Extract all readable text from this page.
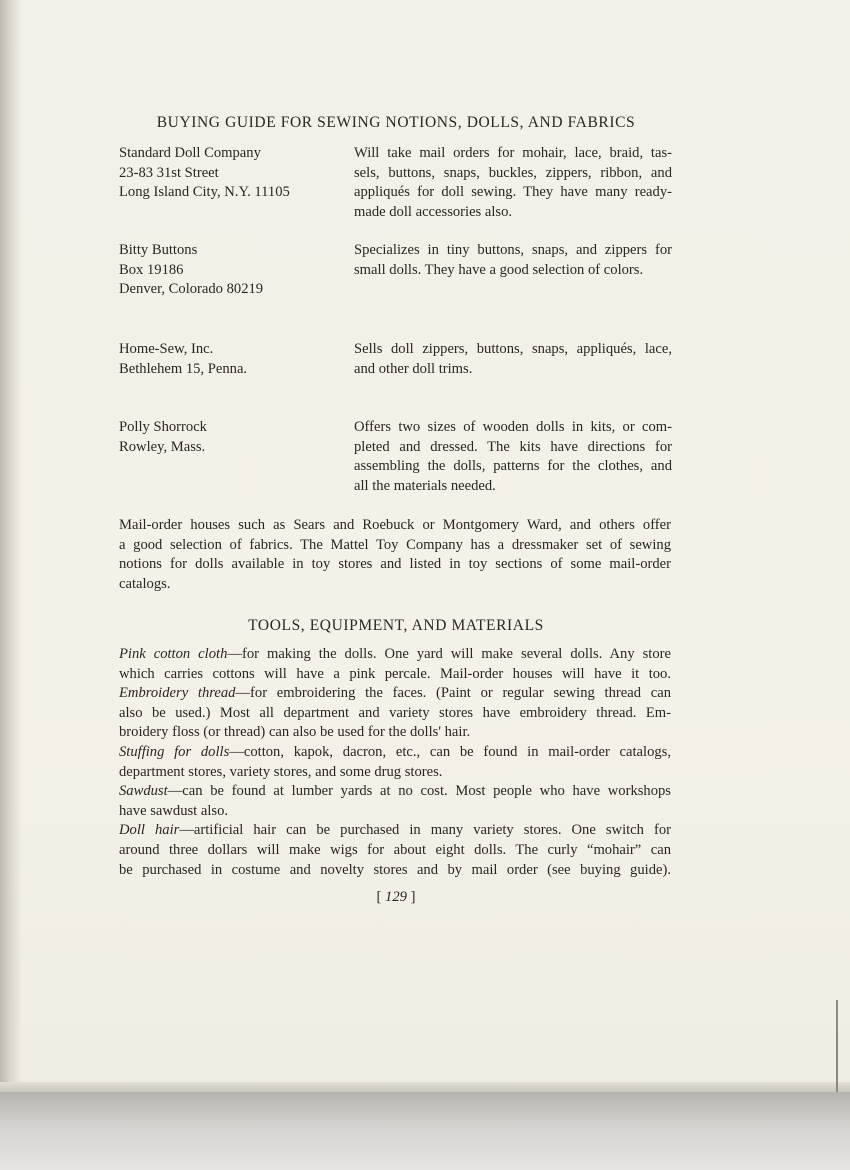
BUYING GUIDE FOR SEWING NOTIONS, DOLLS, AND FABRICS
Standard Doll Company
23-83 31st Street
Long Island City, N.Y. 11105
Will take mail orders for mohair, lace, braid, tas-
sels, buttons, snaps, buckles, zippers, ribbon, and
appliqués for doll sewing. They have many ready-
made doll accessories also.
Bitty Buttons
Box 19186
Denver, Colorado 80219
Specializes in tiny buttons, snaps, and zippers for
small dolls. They have a good selection of colors.
Home-Sew, Inc.
Bethlehem 15, Penna.
Sells doll zippers, buttons, snaps, appliqués, lace,
and other doll trims.
Polly Shorrock
Rowley, Mass.
Offers two sizes of wooden dolls in kits, or com-
pleted and dressed. The kits have directions for
assembling the dolls, patterns for the clothes, and
all the materials needed.
Mail-order houses such as Sears and Roebuck or Montgomery Ward, and others offer
a good selection of fabrics. The Mattel Toy Company has a dressmaker set of sewing
notions for dolls available in toy stores and listed in toy sections of some mail-order
catalogs.
TOOLS, EQUIPMENT, AND MATERIALS
Pink cotton cloth—for making the dolls. One yard will make several dolls. Any store
which carries cottons will have a pink percale. Mail-order houses will have it too.
Embroidery thread—for embroidering the faces. (Paint or regular sewing thread can
also be used.) Most all department and variety stores have embroidery thread. Em-
broidery floss (or thread) can also be used for the dolls' hair.
Stuffing for dolls—cotton, kapok, dacron, etc., can be found in mail-order catalogs,
department stores, variety stores, and some drug stores.
Sawdust—can be found at lumber yards at no cost. Most people who have workshops
have sawdust also.
Doll hair—artificial hair can be purchased in many variety stores. One switch for
around three dollars will make wigs for about eight dolls. The curly “mohair” can
be purchased in costume and novelty stores and by mail order (see buying guide).
[ 129 ]
